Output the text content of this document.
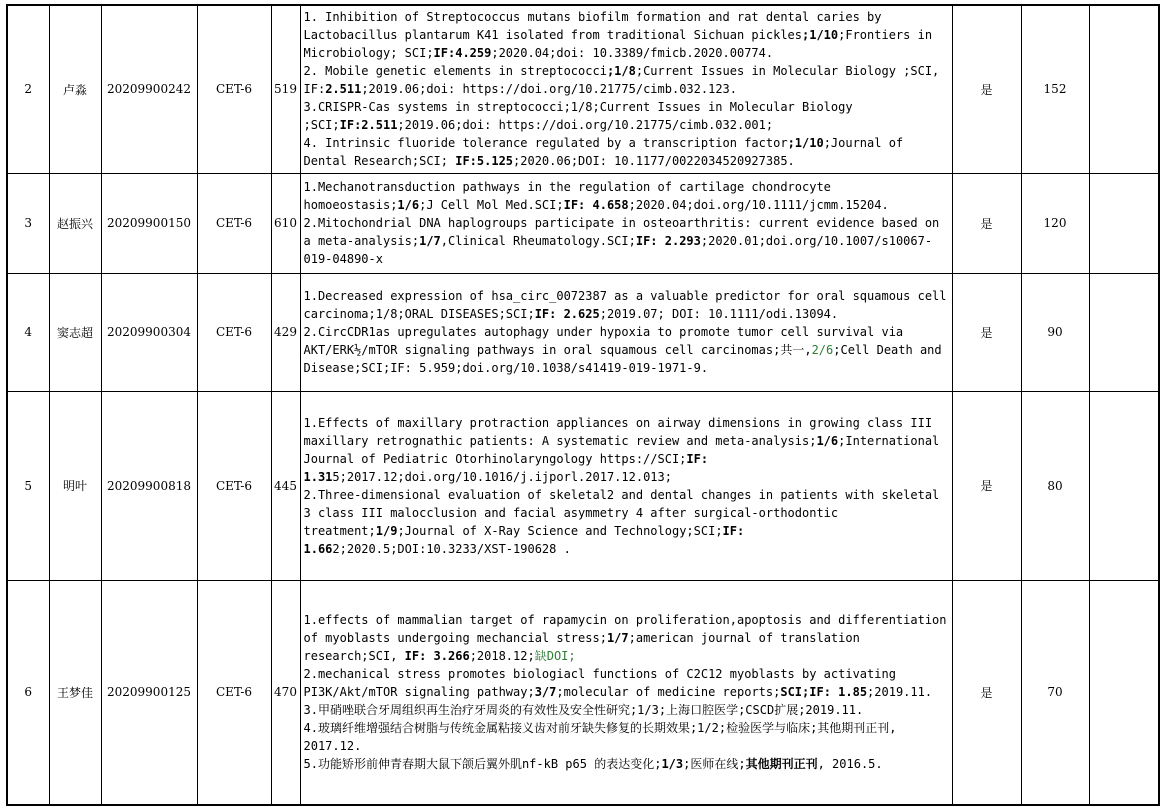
2	卢淼	20209900242	CET-6	519	1. Inhibition of Streptococcus mutans biofilm formation and rat dental caries by Lactobacillus plantarum K41 isolated from traditional Sichuan pickles;1/10;Frontiers in Microbiology; SCI;IF:4.259;2020.04;doi: 10.3389/fmicb.2020.00774.

2. Mobile genetic elements in streptococci;1/8;Current Issues in Molecular Biology ;SCI, IF:2.511;2019.06;doi: https://doi.org/10.21775/cimb.032.123.

3.CRISPR-Cas systems in streptococci;1/8;Current Issues in Molecular Biology ;SCI;IF:2.511;2019.06;doi: https://doi.org/10.21775/cimb.032.001;

4. Intrinsic fluoride tolerance regulated by a transcription factor;1/10;Journal of Dental Research;SCI; IF:5.125;2020.06;DOI: 10.1177/0022034520927385.	是	152	
3	赵振兴	20209900150	CET-6	610	1.Mechanotransduction pathways in the regulation of cartilage chondrocyte homoeostasis;1/6;J Cell Mol Med.SCI;IF: 4.658;2020.04;doi.org/10.1111/jcmm.15204.

2.Mitochondrial DNA haplogroups participate in osteoarthritis: current evidence based on a meta-analysis;1/7,Clinical Rheumatology.SCI;IF: 2.293;2020.01;doi.org/10.1007/s10067-019-04890-x	是	120	
4	窦志超	20209900304	CET-6	429	1.Decreased expression of hsa_circ_0072387 as a valuable predictor for oral squamous cell carcinoma;1/8;ORAL DISEASES;SCI;IF: 2.625;2019.07; DOI: 10.1111/odi.13094.

2.CircCDR1as upregulates autophagy under hypoxia to promote tumor cell survival via AKT/ERK½/mTOR signaling pathways in oral squamous cell carcinomas;共一,2/6;Cell Death and Disease;SCI;IF: 5.959;doi.org/10.1038/s41419-019-1971-9.	是	90	
5	明叶	20209900818	CET-6	445	1.Effects of maxillary protraction appliances on airway dimensions in growing class III maxillary retrognathic patients: A systematic review and meta-analysis;1/6;International Journal of Pediatric Otorhinolaryngology https://SCI;IF: 1.315;2017.12;doi.org/10.1016/j.ijporl.2017.12.013;

2.Three-dimensional evaluation of skeletal2 and dental changes in patients with skeletal

3 class III malocclusion and facial asymmetry 4 after surgical-orthodontic treatment;1/9;Journal of X-Ray Science and Technology;SCI;IF: 1.662;2020.5;DOI:10.3233/XST-190628 .	是	80	
6	王梦佳	20209900125	CET-6	470	1.effects of mammalian target of rapamycin on proliferation,apoptosis and differentiation of myoblasts undergoing mechancial stress;1/7;american journal of translation research;SCI, IF: 3.266;2018.12;缺DOI;

2.mechanical stress promotes biologiacl functions of C2C12 myoblasts by activating PI3K/Akt/mTOR signaling pathway;3/7;molecular of medicine reports;SCI;IF: 1.85;2019.11.

3.甲硝唑联合牙周组织再生治疗牙周炎的有效性及安全性研究;1/3;上海口腔医学;CSCD扩展;2019.11.

4.玻璃纤维增强结合树脂与传统金属粘接义齿对前牙缺失修复的长期效果;1/2;检验医学与临床;其他期刊正刊, 2017.12.

5.功能矫形前伸青春期大鼠下颌后翼外肌nf-kB p65 的表达变化;1/3;医师在线;其他期刊正刊, 2016.5.	是	70	
